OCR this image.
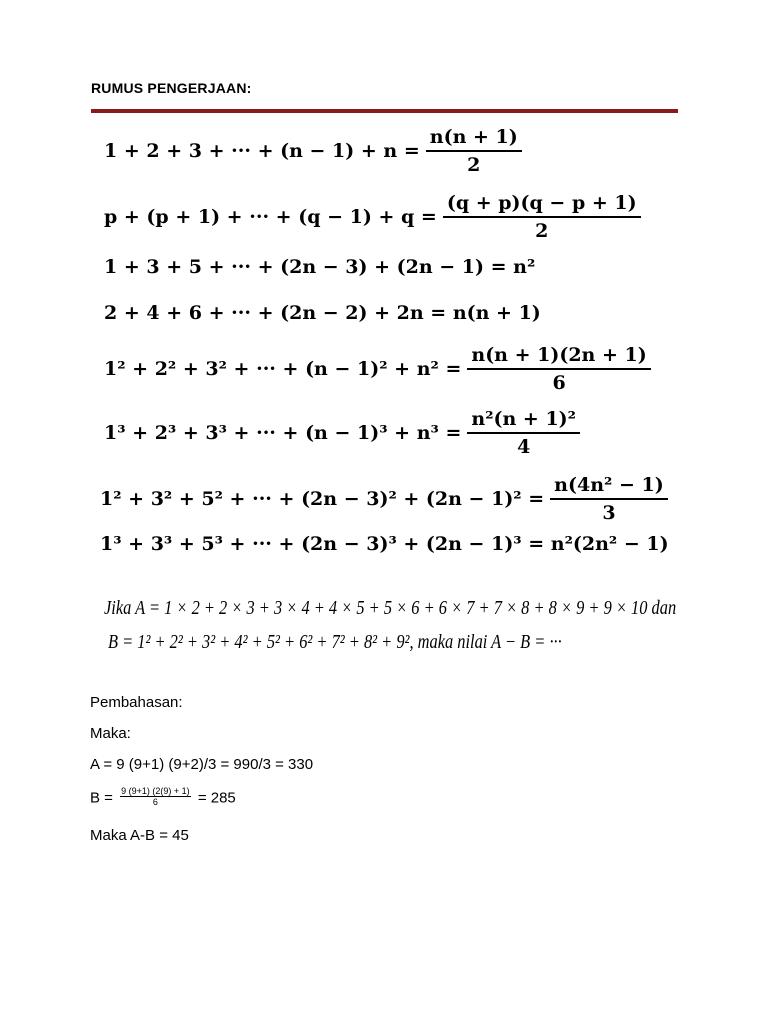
RUMUS PENGERJAAN:
1 + 2 + 3 + ··· + $(n - 1) + n = \frac{n(n + 1)}{2}$
p + (p + 1) + ··· + $(q - 1) + q = \frac{(q + p)(q - p + 1)}{2}$
1 + 3 + 5 + ··· + (2n − 3) + (2n − 1) = n²
2 + 4 + 6 + ··· + (2n − 2) + 2n = n(n + 1)
1² + 2² + 3² + ··· + $(n - 1)^2 + n^2 = \frac{n(n + 1)(2n + 1)}{6}$
1³ + 2³ + 3³ + ··· + $(n - 1)^3 + n^3 = \frac{\text{n²(n + 1)²}}{4}$
1² + 3² + 5² + ··· + $(2n - 3)^2 + (2n - 1)^2 = \frac{\text{n(4n² − 1)}}{3}$
1³ + 3³ + 5³ + ··· + (2n − 3)³ + (2n − 1)³ = n²(2n² − 1)
Jika A = 1 × 2 + 2 × 3 + 3 × 4 + 4 × 5 + 5 × 6 + 6 × 7 + 7 × 8 + 8 × 9 + 9 × 10 dan
B = 1² + 2² + 3² + 4² + 5² + 6² + 7² + 8² + 9², maka nilai A − B = ···
Pembahasan:
Maka:
A = 9 (9+1) (9+2)/3 = 990/3 = 330
$B = \frac{9 (9+1) (2(9) + 1)}{6} = 285$
Maka A-B = 45
